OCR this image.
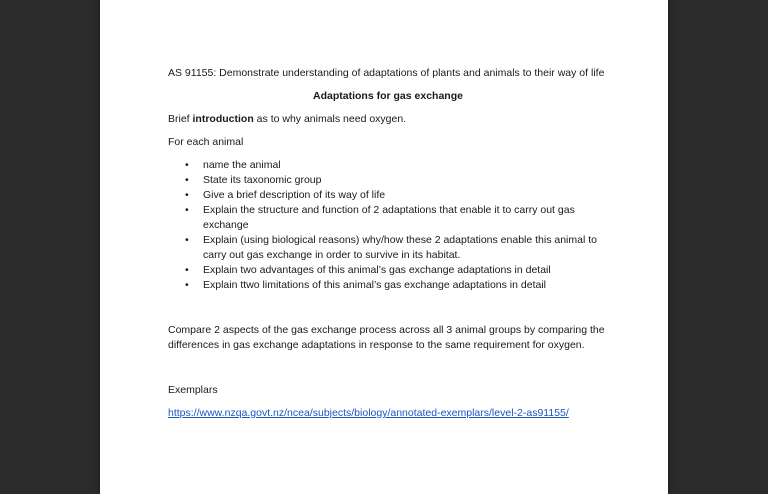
AS 91155: Demonstrate understanding of adaptations of plants and animals to their way of life

Adaptations for gas exchange

Brief introduction as to why animals need oxygen.

For each animal

• name the animal
• State its taxonomic group
• Give a brief description of its way of life
• Explain the structure and function of 2 adaptations that enable it to carry out gas exchange
• Explain (using biological reasons) why/how these 2 adaptations enable this animal to carry out gas exchange in order to survive in its habitat.
• Explain two advantages of this animal’s gas exchange adaptations in detail
• Explain ttwo limitations of this animal’s gas exchange adaptations in detail

Compare 2 aspects of the gas exchange process across all 3 animal groups by comparing the differences in gas exchange adaptations in response to the same requirement for oxygen.

Exemplars

https://www.nzqa.govt.nz/ncea/subjects/biology/annotated-exemplars/level-2-as91155/
